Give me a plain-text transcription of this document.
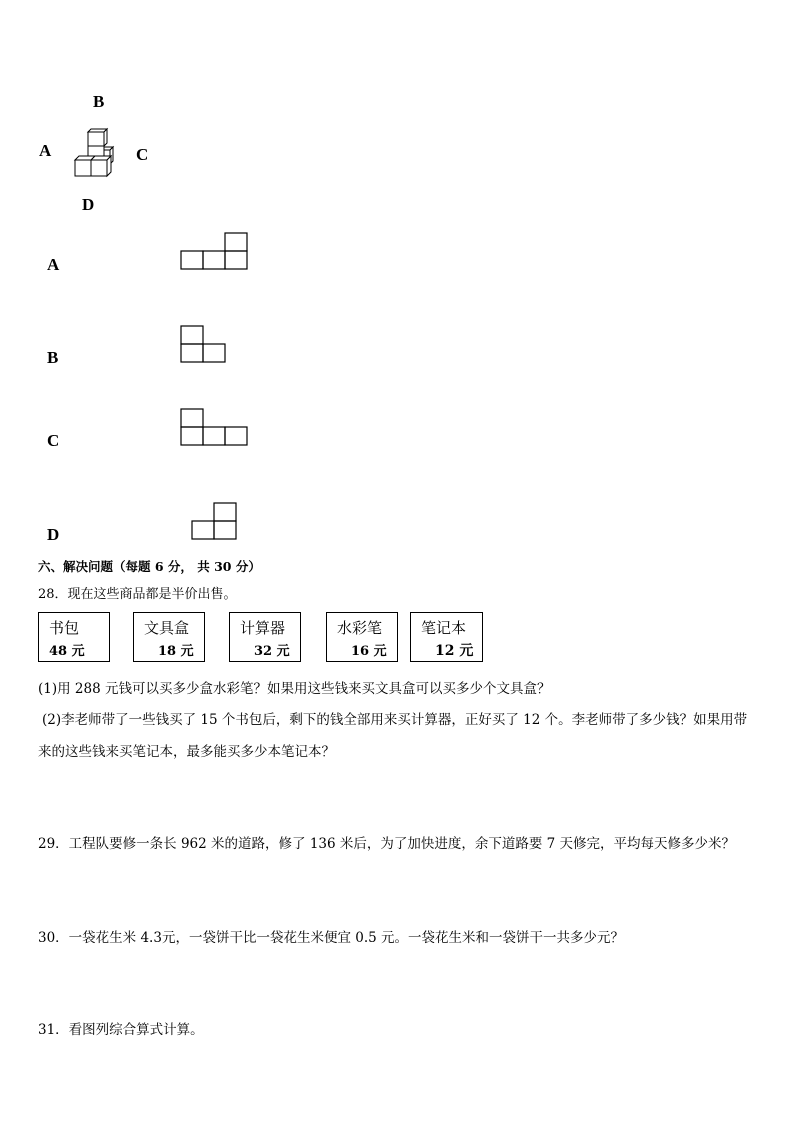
B
A	C
D
A
B
C
D
六、解决问题（每题 6 分， 共 30 分）
28．现在这些商品都是半价出售。
书包
48 元
文具盒
18 元
计算器
32 元
水彩笔
16 元
笔记本
12 元
(1)用 288 元钱可以买多少盒水彩笔？如果用这些钱来买文具盒可以买多少个文具盒？
(2)李老师带了一些钱买了 15 个书包后，剩下的钱全部用来买计算器，正好买了 12 个。李老师带了多少钱？如果用带
来的这些钱来买笔记本，最多能买多少本笔记本？
29．工程队要修一条长 962 米的道路，修了 136 米后，为了加快进度，余下道路要 7 天修完，平均每天修多少米？
30．一袋花生米 4.3元，一袋饼干比一袋花生米便宜 0.5 元。一袋花生米和一袋饼干一共多少元？
31．看图列综合算式计算。
